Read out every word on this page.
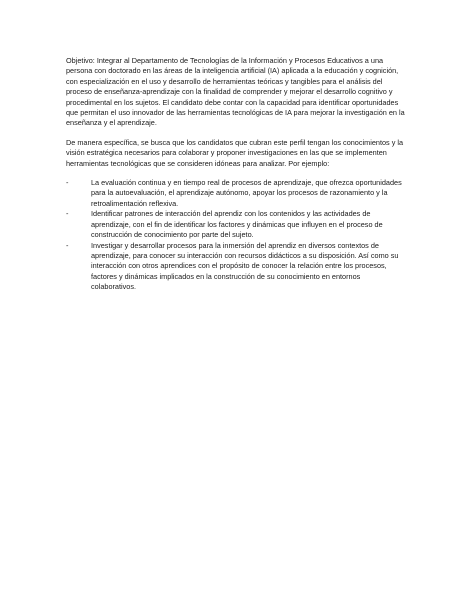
Objetivo: Integrar al Departamento de Tecnologías de la Información y Procesos Educativos a una persona con doctorado en las áreas de la inteligencia artificial (IA) aplicada a la educación y cognición, con especialización en el uso y desarrollo de herramientas teóricas y tangibles para el análisis del proceso de enseñanza-aprendizaje con la finalidad de comprender y mejorar el desarrollo cognitivo y procedimental en los sujetos. El candidato debe contar con la capacidad para identificar oportunidades que permitan el uso innovador de las herramientas tecnológicas de IA para mejorar la investigación en la enseñanza y el aprendizaje.

De manera específica, se busca que los candidatos que cubran este perfil tengan los conocimientos y la visión estratégica necesarios para colaborar y proponer investigaciones en las que se implementen herramientas tecnológicas que se consideren idóneas para analizar. Por ejemplo:

-	La evaluación continua y en tiempo real de procesos de aprendizaje, que ofrezca oportunidades para la autoevaluación, el aprendizaje autónomo, apoyar los procesos de razonamiento y la retroalimentación reflexiva.
-	Identificar patrones de interacción del aprendiz con los contenidos y las actividades de aprendizaje, con el fin de identificar los factores y dinámicas que influyen en el proceso de construcción de conocimiento por parte del sujeto.
-	Investigar y desarrollar procesos para la inmersión del aprendiz en diversos contextos de aprendizaje, para conocer su interacción con recursos didácticos a su disposición. Así como su interacción con otros aprendices con el propósito de conocer la relación entre los procesos, factores y dinámicas implicados en la construcción de su conocimiento en entornos colaborativos.
